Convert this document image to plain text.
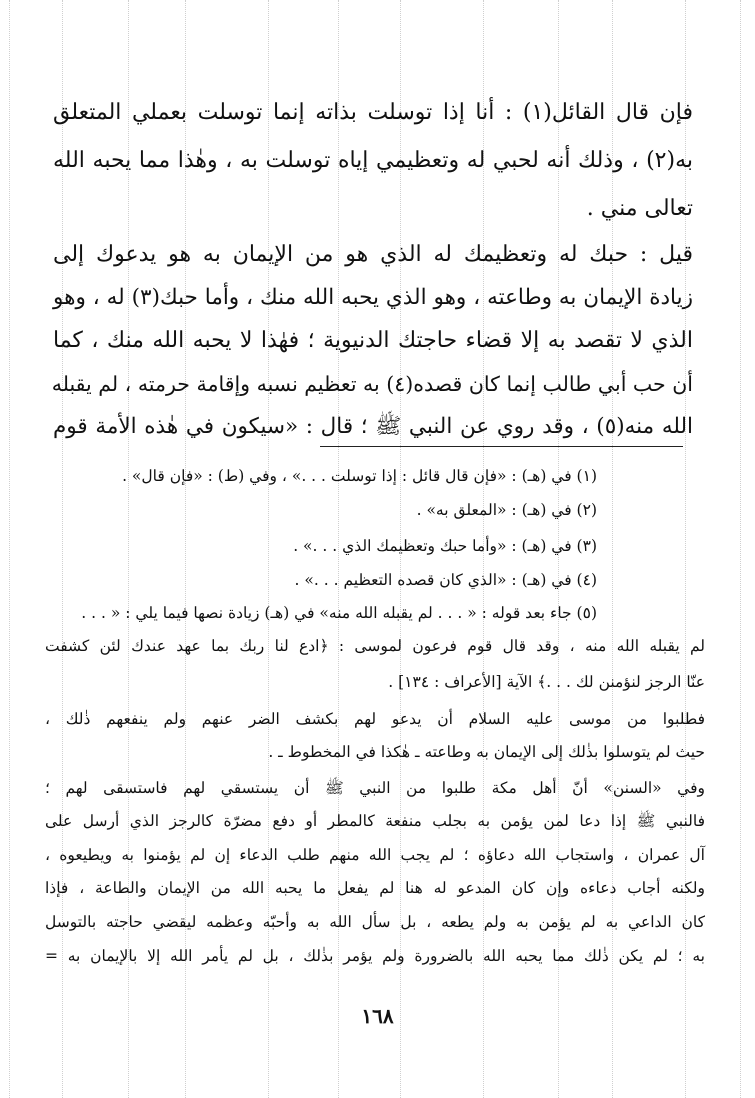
فإن قال القائل(١) : أنا إذا توسلت بذاته إنما توسلت بعملي المتعلق
به(٢) ، وذلك أنه لحبي له وتعظيمي إياه توسلت به ، وهٰذا مما يحبه الله
تعالى مني .
قيل : حبك له وتعظيمك له الذي هو من الإيمان به هو يدعوك إلى
زيادة الإيمان به وطاعته ، وهو الذي يحبه الله منك ، وأما حبك(٣) له ، وهو
الذي لا تقصد به إلا قضاء حاجتك الدنيوية ؛ فهٰذا لا يحبه الله منك ، كما
أن حب أبي طالب إنما كان قصده(٤) به تعظيم نسبه وإقامة حرمته ، لم يقبله
الله منه(٥) ، وقد روي عن النبي ﷺ ؛ قال : «سيكون في هٰذه الأمة قوم
(١) في (هـ) : «فإن قال قائل : إذا توسلت . . .» ، وفي (ط) : «فإن قال» .
(٢) في (هـ) : «المعلق به» .
(٣) في (هـ) : «وأما حبك وتعظيمك الذي . . .» .
(٤) في (هـ) : «الذي كان قصده التعظيم . . .» .
(٥) جاء بعد قوله : « . . . لم يقبله الله منه» في (هـ) زيادة نصها فيما يلي : « . . .
لم يقبله الله منه ، وقد قال قوم فرعون لموسى : ﴿ادع لنا ربك بما عهد عندك لئن كشفت
عنّا الرجز لنؤمنن لك . . .﴾ الآية [الأعراف : ١٣٤] .
فطلبوا من موسى عليه السلام أن يدعو لهم بكشف الضر عنهم ولم ينفعهم ذٰلك ،
حيث لم يتوسلوا بذٰلك إلى الإيمان به وطاعته ـ هٰكذا في المخطوط ـ .
وفي «السنن» أنّ أهل مكة طلبوا من النبي ﷺ أن يستسقي لهم فاستسقى لهم ؛
فالنبي ﷺ إذا دعا لمن يؤمن به بجلب منفعة كالمطر أو دفع مضرّة كالرجز الذي أرسل على
آل عمران ، واستجاب الله دعاؤه ؛ لم يجب الله منهم طلب الدعاء إن لم يؤمنوا به ويطيعوه ،
ولكنه أجاب دعاءه وإن كان المدعو له هنا لم يفعل ما يحبه الله من الإيمان والطاعة ، فإذا
كان الداعي به لم يؤمن به ولم يطعه ، بل سأل الله به وأحبّه وعظمه ليقضي حاجته بالتوسل
به ؛ لم يكن ذٰلك مما يحبه الله بالضرورة ولم يؤمر بذٰلك ، بل لم يأمر الله إلا بالإيمان به =
١٦٨
